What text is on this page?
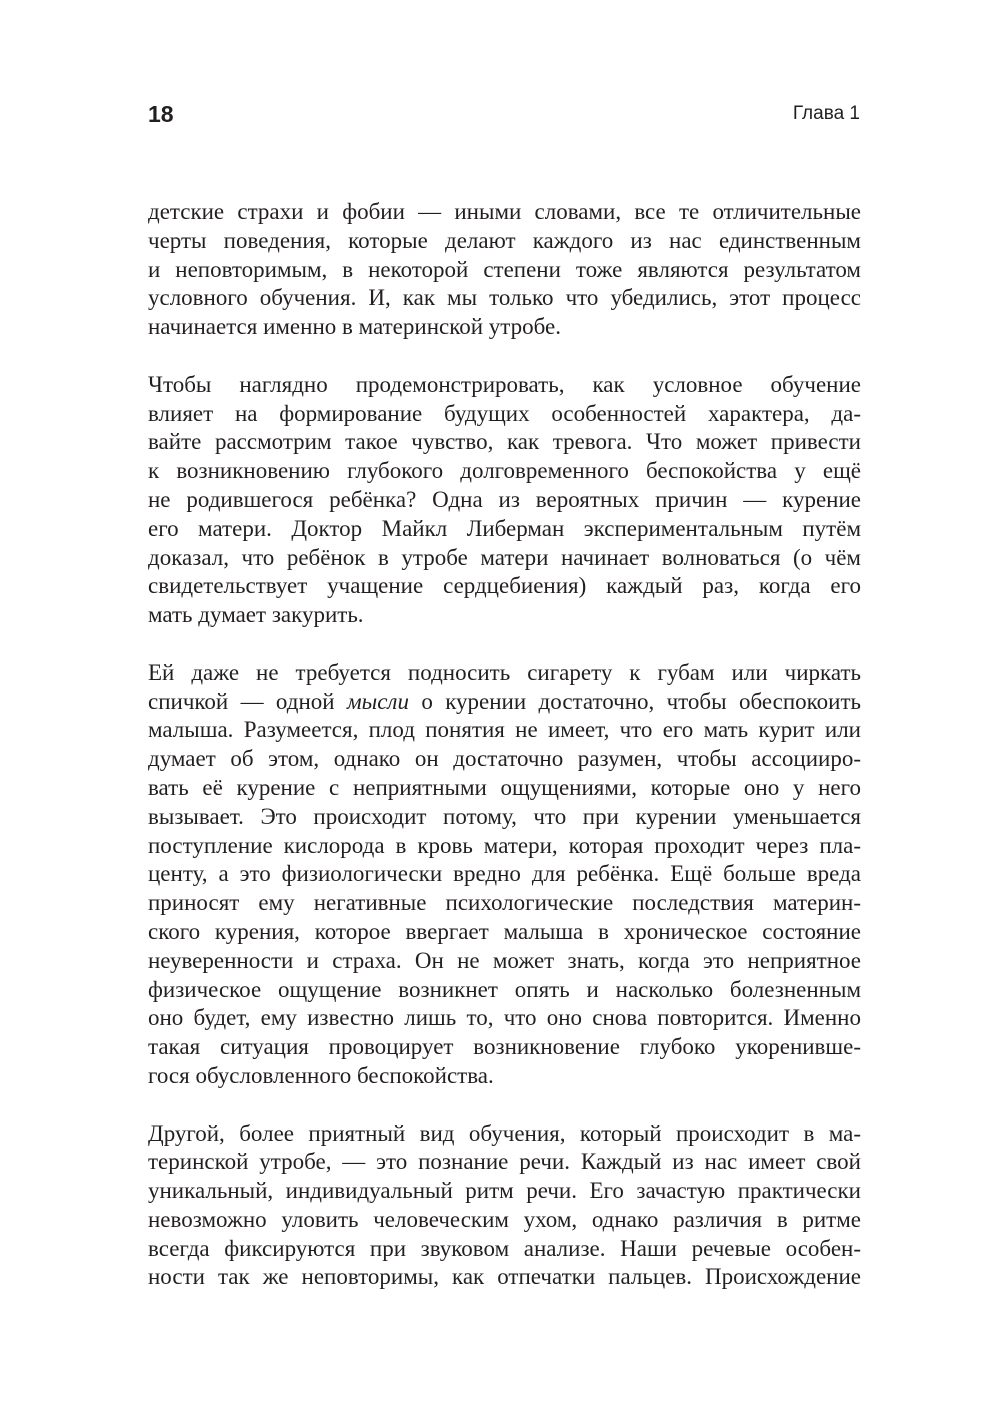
18	Глава 1

детские страхи и фобии — иными словами, все те отличительные
черты поведения, которые делают каждого из нас единственным
и неповторимым, в некоторой степени тоже являются результатом
условного обучения. И, как мы только что убедились, этот процесс
начинается именно в материнской утробе.

Чтобы наглядно продемонстрировать, как условное обучение
влияет на формирование будущих особенностей характера, да-
вайте рассмотрим такое чувство, как тревога. Что может привести
к возникновению глубокого долговременного беспокойства у ещё
не родившегося ребёнка? Одна из вероятных причин — курение
его матери. Доктор Майкл Либерман экспериментальным путём
доказал, что ребёнок в утробе матери начинает волноваться (о чём
свидетельствует учащение сердцебиения) каждый раз, когда его
мать думает закурить.

Ей даже не требуется подносить сигарету к губам или чиркать
спичкой — одной мысли о курении достаточно, чтобы обеспокоить
малыша. Разумеется, плод понятия не имеет, что его мать курит или
думает об этом, однако он достаточно разумен, чтобы ассоцииро-
вать её курение с неприятными ощущениями, которые оно у него
вызывает. Это происходит потому, что при курении уменьшается
поступление кислорода в кровь матери, которая проходит через пла-
центу, а это физиологически вредно для ребёнка. Ещё больше вреда
приносят ему негативные психологические последствия материн-
ского курения, которое ввергает малыша в хроническое состояние
неуверенности и страха. Он не может знать, когда это неприятное
физическое ощущение возникнет опять и насколько болезненным
оно будет, ему известно лишь то, что оно снова повторится. Именно
такая ситуация провоцирует возникновение глубоко укоренивше-
гося обусловленного беспокойства.

Другой, более приятный вид обучения, который происходит в ма-
теринской утробе, — это познание речи. Каждый из нас имеет свой
уникальный, индивидуальный ритм речи. Его зачастую практически
невозможно уловить человеческим ухом, однако различия в ритме
всегда фиксируются при звуковом анализе. Наши речевые особен-
ности так же неповторимы, как отпечатки пальцев. Происхождение
